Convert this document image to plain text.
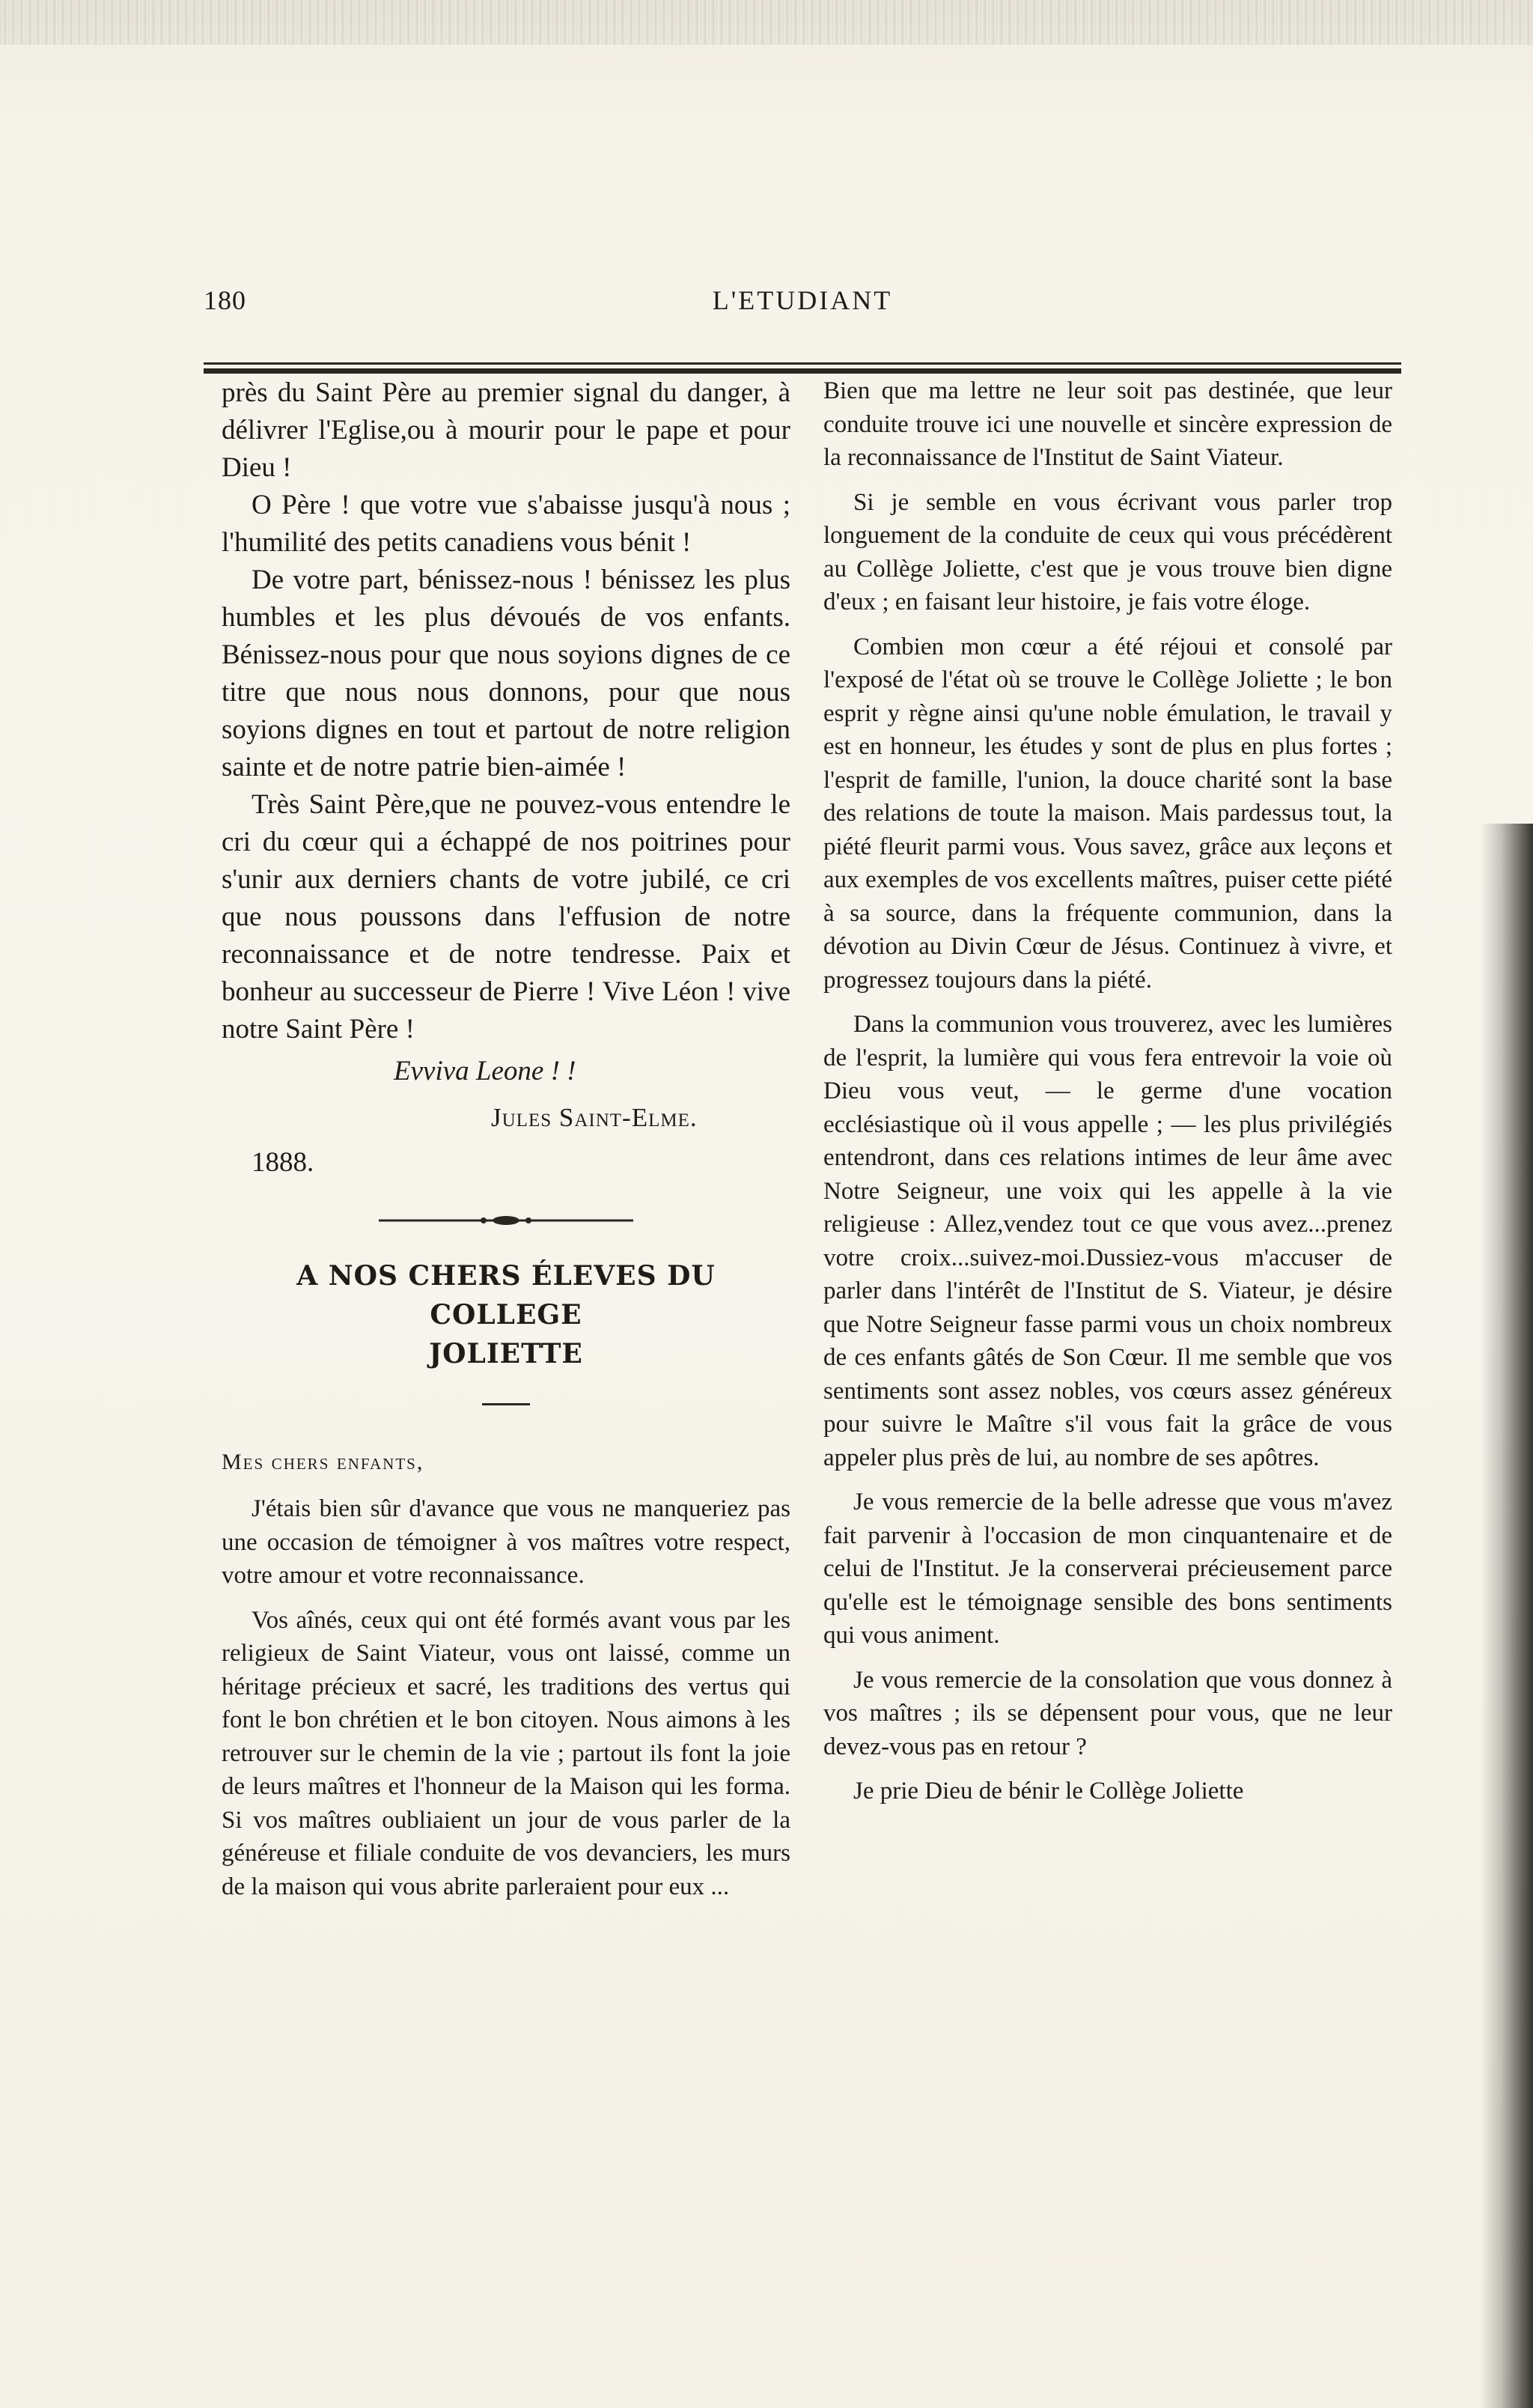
180	L'ETUDIANT

près du Saint Père au premier signal du danger, à délivrer l'Eglise,ou à mourir pour le pape et pour Dieu !

O Père ! que votre vue s'abaisse jusqu'à nous ; l'humilité des petits canadiens vous bénit !

De votre part, bénissez-nous ! bénissez les plus humbles et les plus dévoués de vos enfants. Bénissez-nous pour que nous soyions dignes de ce titre que nous nous donnons, pour que nous soyions dignes en tout et partout de notre religion sainte et de notre patrie bien-aimée !

Très Saint Père,que ne pouvez-vous entendre le cri du cœur qui a échappé de nos poitrines pour s'unir aux derniers chants de votre jubilé, ce cri que nous poussons dans l'effusion de notre reconnaissance et de notre tendresse. Paix et bonheur au successeur de Pierre ! Vive Léon ! vive notre Saint Père !

Evviva Leone ! !
Jules Saint-Elme.
1888.
A NOS CHERS ÉLEVES DU COLLEGE
JOLIETTE
Mes chers enfants,

J'étais bien sûr d'avance que vous ne manqueriez pas une occasion de témoigner à vos maîtres votre respect, votre amour et votre reconnaissance.

Vos aînés, ceux qui ont été formés avant vous par les religieux de Saint Viateur, vous ont laissé, comme un héritage précieux et sacré, les traditions des vertus qui font le bon chrétien et le bon citoyen. Nous aimons à les retrouver sur le chemin de la vie ; partout ils font la joie de leurs maîtres et l'honneur de la Maison qui les forma. Si vos maîtres oubliaient un jour de vous parler de la généreuse et filiale conduite de vos devanciers, les murs de la maison qui vous abrite parleraient pour eux ...

Bien que ma lettre ne leur soit pas destinée, que leur conduite trouve ici une nouvelle et sincère expression de la reconnaissance de l'Institut de Saint Viateur.

Si je semble en vous écrivant vous parler trop longuement de la conduite de ceux qui vous précédèrent au Collège Joliette, c'est que je vous trouve bien digne d'eux ; en faisant leur histoire, je fais votre éloge.

Combien mon cœur a été réjoui et consolé par l'exposé de l'état où se trouve le Collège Joliette ; le bon esprit y règne ainsi qu'une noble émulation, le travail y est en honneur, les études y sont de plus en plus fortes ; l'esprit de famille, l'union, la douce charité sont la base des relations de toute la maison. Mais pardessus tout, la piété fleurit parmi vous. Vous savez, grâce aux leçons et aux exemples de vos excellents maîtres, puiser cette piété à sa source, dans la fréquente communion, dans la dévotion au Divin Cœur de Jésus. Continuez à vivre, et progressez toujours dans la piété.

Dans la communion vous trouverez, avec les lumières de l'esprit, la lumière qui vous fera entrevoir la voie où Dieu vous veut, — le germe d'une vocation ecclésiastique où il vous appelle ; — les plus privilégiés entendront, dans ces relations intimes de leur âme avec Notre Seigneur, une voix qui les appelle à la vie religieuse : Allez,vendez tout ce que vous avez...prenez votre croix...suivez-moi.Dussiez-vous m'accuser de parler dans l'intérêt de l'Institut de S. Viateur, je désire que Notre Seigneur fasse parmi vous un choix nombreux de ces enfants gâtés de Son Cœur. Il me semble que vos sentiments sont assez nobles, vos cœurs assez généreux pour suivre le Maître s'il vous fait la grâce de vous appeler plus près de lui, au nombre de ses apôtres.

Je vous remercie de la belle adresse que vous m'avez fait parvenir à l'occasion de mon cinquantenaire et de celui de l'Institut. Je la conserverai précieusement parce qu'elle est le témoignage sensible des bons sentiments qui vous animent.

Je vous remercie de la consolation que vous donnez à vos maîtres ; ils se dépensent pour vous, que ne leur devez-vous pas en retour ?

Je prie Dieu de bénir le Collège Joliette
